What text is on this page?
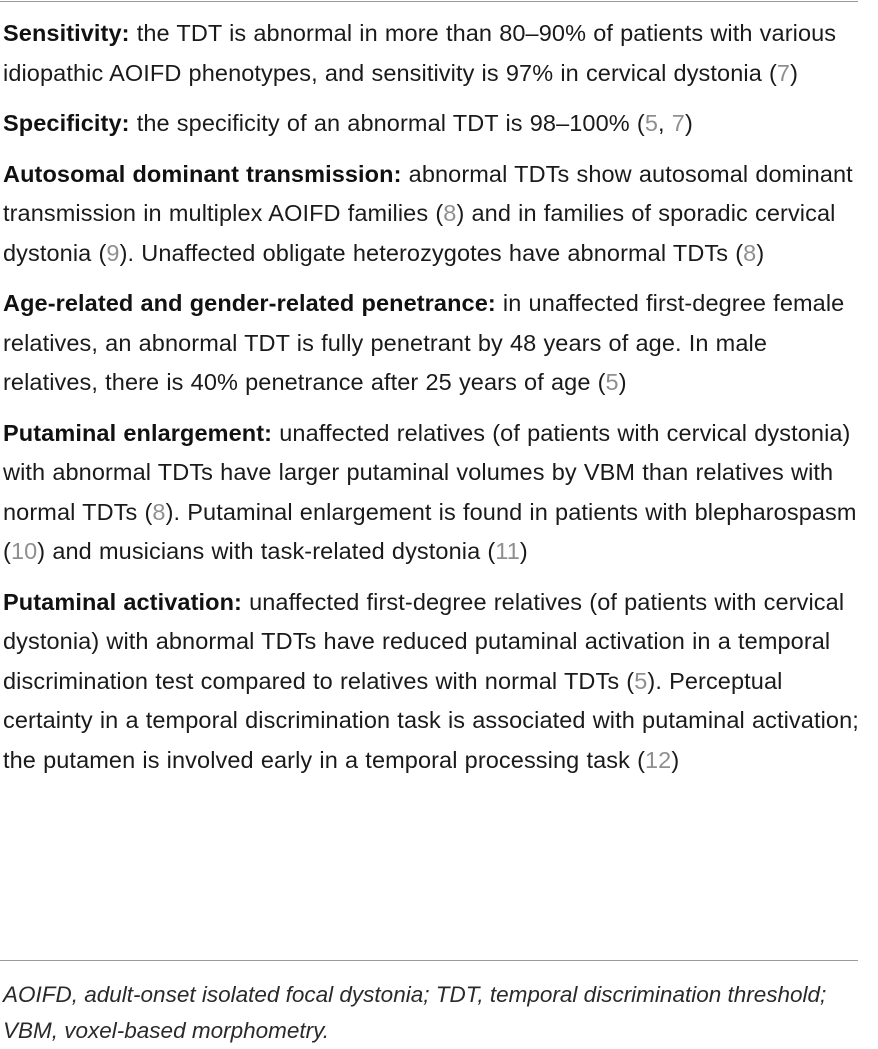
Sensitivity: the TDT is abnormal in more than 80–90% of patients with various idiopathic AOIFD phenotypes, and sensitivity is 97% in cervical dystonia (7)

Specificity: the specificity of an abnormal TDT is 98–100% (5, 7)

Autosomal dominant transmission: abnormal TDTs show autosomal dominant transmission in multiplex AOIFD families (8) and in families of sporadic cervical dystonia (9). Unaffected obligate heterozygotes have abnormal TDTs (8)

Age-related and gender-related penetrance: in unaffected first-degree female relatives, an abnormal TDT is fully penetrant by 48 years of age. In male relatives, there is 40% penetrance after 25 years of age (5)

Putaminal enlargement: unaffected relatives (of patients with cervical dystonia) with abnormal TDTs have larger putaminal volumes by VBM than relatives with normal TDTs (8). Putaminal enlargement is found in patients with blepharospasm (10) and musicians with task-related dystonia (11)

Putaminal activation: unaffected first-degree relatives (of patients with cervical dystonia) with abnormal TDTs have reduced putaminal activation in a temporal discrimination test compared to relatives with normal TDTs (5). Perceptual certainty in a temporal discrimination task is associated with putaminal activation; the putamen is involved early in a temporal processing task (12)

AOIFD, adult-onset isolated focal dystonia; TDT, temporal discrimination threshold; VBM, voxel-based morphometry.
